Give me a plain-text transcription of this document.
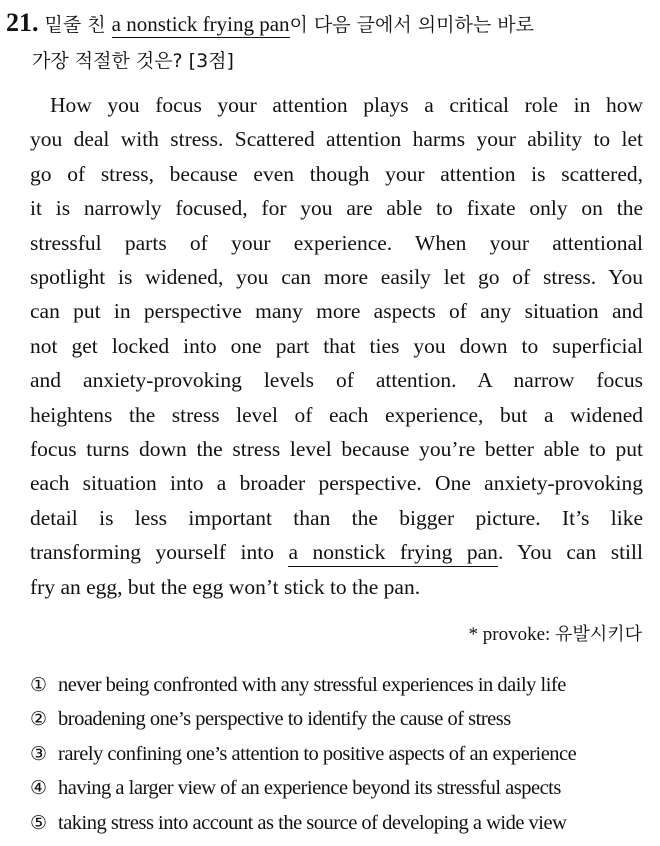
21. 밑줄 친 a nonstick frying pan이 다음 글에서 의미하는 바로
가장 적절한 것은? [3점]
How you focus your attention plays a critical role in how
you deal with stress. Scattered attention harms your ability to let
go of stress, because even though your attention is scattered,
it is narrowly focused, for you are able to fixate only on the
stressful parts of your experience. When your attentional
spotlight is widened, you can more easily let go of stress. You
can put in perspective many more aspects of any situation and
not get locked into one part that ties you down to superficial
and anxiety-provoking levels of attention. A narrow focus
heightens the stress level of each experience, but a widened
focus turns down the stress level because you’re better able to put
each situation into a broader perspective. One anxiety-provoking
detail is less important than the bigger picture. It’s like
transforming yourself into a nonstick frying pan. You can still
fry an egg, but the egg won’t stick to the pan.
* provoke: 유발시키다
① never being confronted with any stressful experiences in daily life
② broadening one’s perspective to identify the cause of stress
③ rarely confining one’s attention to positive aspects of an experience
④ having a larger view of an experience beyond its stressful aspects
⑤ taking stress into account as the source of developing a wide view
